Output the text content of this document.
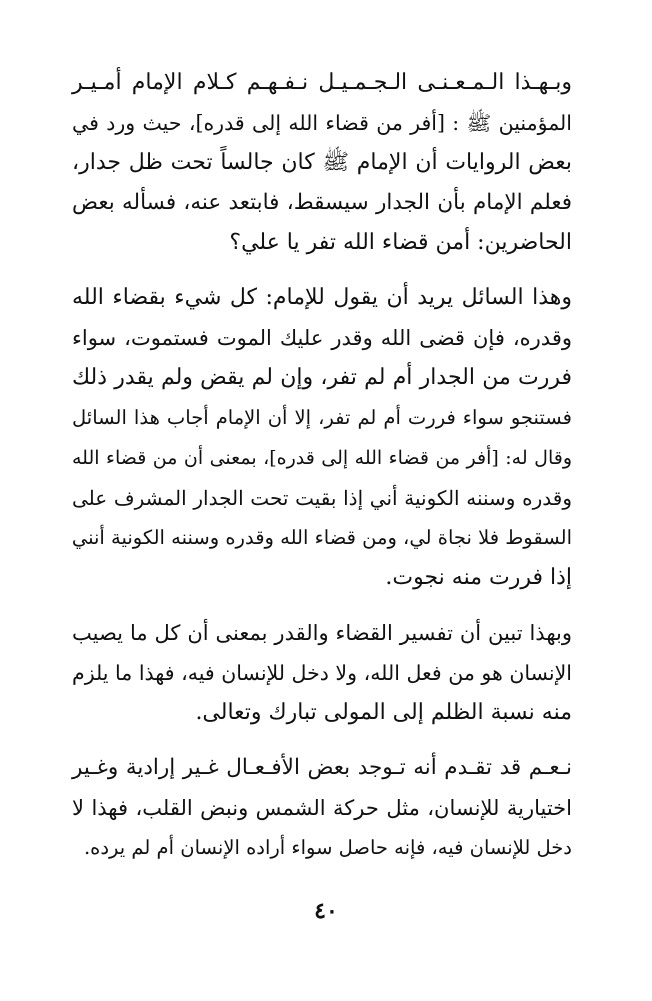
وبـهـذا الـمـعـنـى الـجـمـيـل نـفـهـم كـلام الإمام أمـيـر
المؤمنين ﷺ : [أفر من قضاء الله إلى قدره]، حيث ورد في
بعض الروايات أن الإمام ﷺ كان جالساً تحت ظل جدار،
فعلم الإمام بأن الجدار سيسقط، فابتعد عنه، فسأله بعض
الحاضرين: أمن قضاء الله تفر يا علي؟
وهذا السائل يريد أن يقول للإمام: كل شيء بقضاء الله
وقدره، فإن قضى الله وقدر عليك الموت فستموت، سواء
فررت من الجدار أم لم تفر، وإن لم يقض ولم يقدر ذلك
فستنجو سواء فررت أم لم تفر، إلا أن الإمام أجاب هذا السائل
وقال له: [أفر من قضاء الله إلى قدره]، بمعنى أن من قضاء الله
وقدره وسننه الكونية أني إذا بقيت تحت الجدار المشرف على
السقوط فلا نجاة لي، ومن قضاء الله وقدره وسننه الكونية أنني
إذا فررت منه نجوت.
وبهذا تبين أن تفسير القضاء والقدر بمعنى أن كل ما يصيب
الإنسان هو من فعل الله، ولا دخل للإنسان فيه، فهذا ما يلزم
منه نسبة الظلم إلى المولى تبارك وتعالى.
نـعـم قد تقـدم أنه تـوجد بعض الأفـعـال غـير إرادية وغـير
اختيارية للإنسان، مثل حركة الشمس ونبض القلب، فهذا لا
دخل للإنسان فيه، فإنه حاصل سواء أراده الإنسان أم لم يرده.
٤٠
